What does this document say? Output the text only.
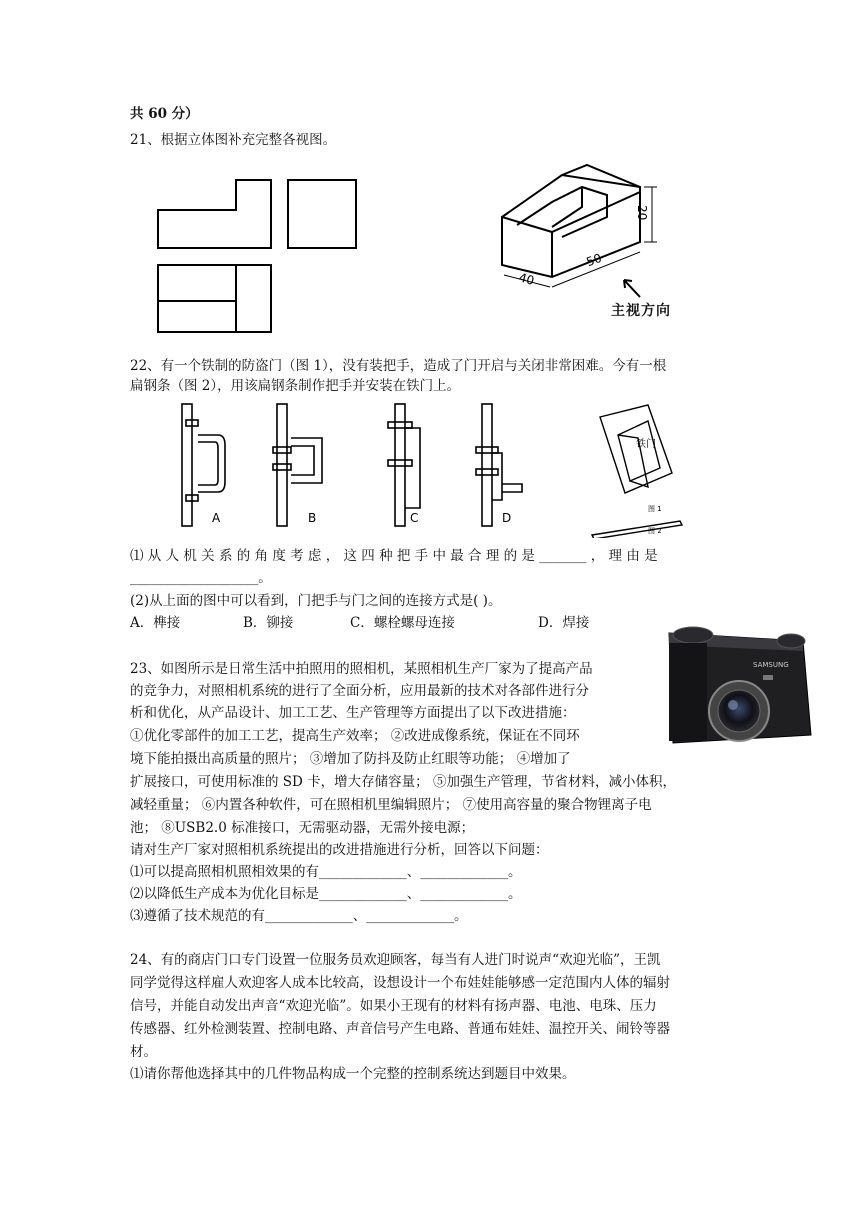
共 60 分）
21、根据立体图补充完整各视图。
20
50
40
主视方向
22、有一个铁制的防盗门（图 1），没有装把手，造成了门开启与关闭非常困难。今有一根
扁钢条（图 2），用该扁钢条制作把手并安装在铁门上。
A	B	C	D
铁门
图 1
图 2
⑴ 从 人 机 关 系 的 角 度 考 虑 ， 这 四 种 把 手 中 最 合 理 的 是 _______ ， 理 由 是
___________________。
(2)从上面的图中可以看到，门把手与门之间的连接方式是( )。
A．榫接	B．铆接	C．螺栓螺母连接	D．焊接
SAMSUNG
23、如图所示是日常生活中拍照用的照相机，某照相机生产厂家为了提高产品
的竞争力，对照相机系统的进行了全面分析，应用最新的技术对各部件进行分
析和优化，从产品设计、加工工艺、生产管理等方面提出了以下改进措施：
①优化零部件的加工工艺，提高生产效率； ②改进成像系统，保证在不同环
境下能拍摄出高质量的照片； ③增加了防抖及防止红眼等功能； ④增加了
扩展接口，可使用标准的 SD 卡，增大存储容量； ⑤加强生产管理，节省材料，减小体积，
减轻重量； ⑥内置各种软件，可在照相机里编辑照片； ⑦使用高容量的聚合物锂离子电
池； ⑧USB2.0 标准接口，无需驱动器，无需外接电源；
请对生产厂家对照相机系统提出的改进措施进行分析，回答以下问题：
⑴可以提高照相机照相效果的有_____________、_____________。
⑵以降低生产成本为优化目标是_____________、_____________。
⑶遵循了技术规范的有_____________、_____________。
24、有的商店门口专门设置一位服务员欢迎顾客，每当有人进门时说声“欢迎光临”，王凯
同学觉得这样雇人欢迎客人成本比较高，设想设计一个布娃娃能够感一定范围内人体的辐射
信号，并能自动发出声音“欢迎光临”。如果小王现有的材料有扬声器、电池、电珠、压力
传感器、红外检测装置、控制电路、声音信号产生电路、普通布娃娃、温控开关、闹铃等器
材。
⑴请你帮他选择其中的几件物品构成一个完整的控制系统达到题目中效果。
